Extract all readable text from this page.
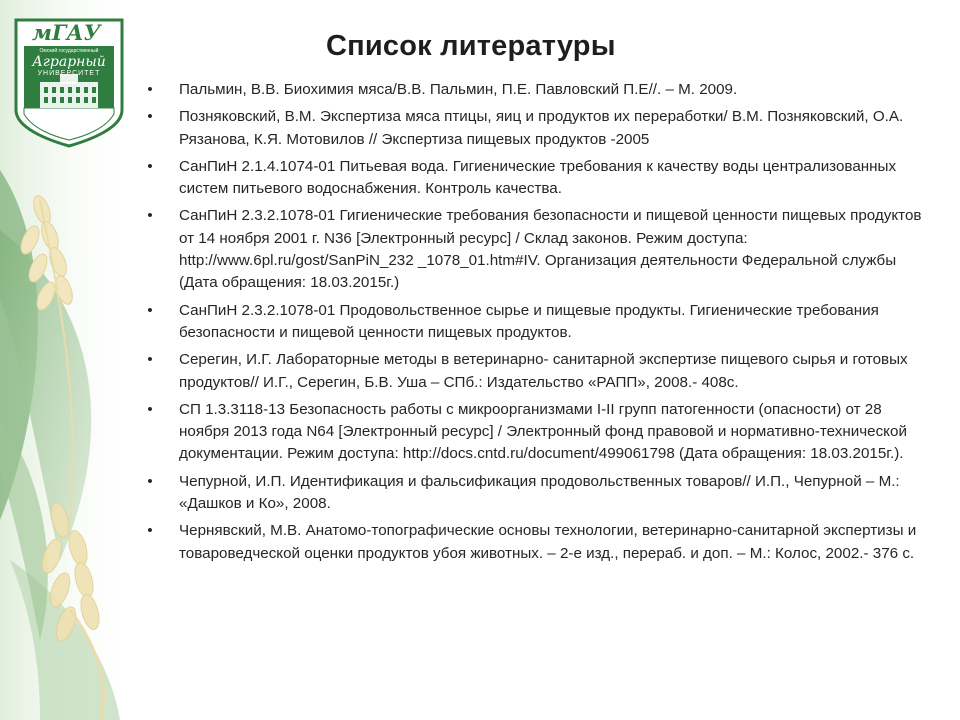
мГАУ
Омский государственный
Аграрный
УНИВЕРСИТЕТ
Список литературы
• Пальмин, В.В. Биохимия мяса/В.В. Пальмин, П.Е. Павловский П.Е//. – М. 2009.
• Позняковский, В.М. Экспертиза мяса птицы, яиц и продуктов их переработки/ В.М. Позняковский, О.А. Рязанова, К.Я. Мотовилов // Экспертиза пищевых продуктов -2005
• СанПиН 2.1.4.1074-01 Питьевая вода. Гигиенические требования к качеству воды централизованных систем питьевого водоснабжения. Контроль качества.
• СанПиН 2.3.2.1078-01 Гигиенические требования безопасности и пищевой ценности пищевых продуктов от 14 ноября 2001 г. N36 [Электронный ресурс] / Склад законов. Режим доступа: http://www.6pl.ru/gost/SanPiN_232 _1078_01.htm#IV. Организация деятельности Федеральной службы (Дата обращения: 18.03.2015г.)
• СанПиН 2.3.2.1078-01 Продовольственное сырье и пищевые продукты. Гигиенические требования безопасности и пищевой ценности пищевых продуктов.
• Серегин, И.Г. Лабораторные методы в ветеринарно- санитарной экспертизе пищевого сырья и готовых продуктов// И.Г., Серегин, Б.В. Уша – СПб.: Издательство «РАПП», 2008.- 408с.
• СП 1.3.3118-13 Безопасность работы с микроорганизмами I-II групп патогенности (опасности) от 28 ноября 2013 года N64 [Электронный ресурс] / Электронный фонд правовой и нормативно-технической документации. Режим доступа: http://docs.cntd.ru/document/499061798 (Дата обращения: 18.03.2015г.).
• Чепурной, И.П. Идентификация и фальсификация продовольственных товаров// И.П., Чепурной – М.: «Дашков и Ко», 2008.
• Чернявский, М.В. Анатомо-топографические основы технологии, ветеринарно-санитарной экспертизы и товароведческой оценки продуктов убоя животных. – 2-е изд., перераб. и доп. – М.: Колос, 2002.- 376 с.
